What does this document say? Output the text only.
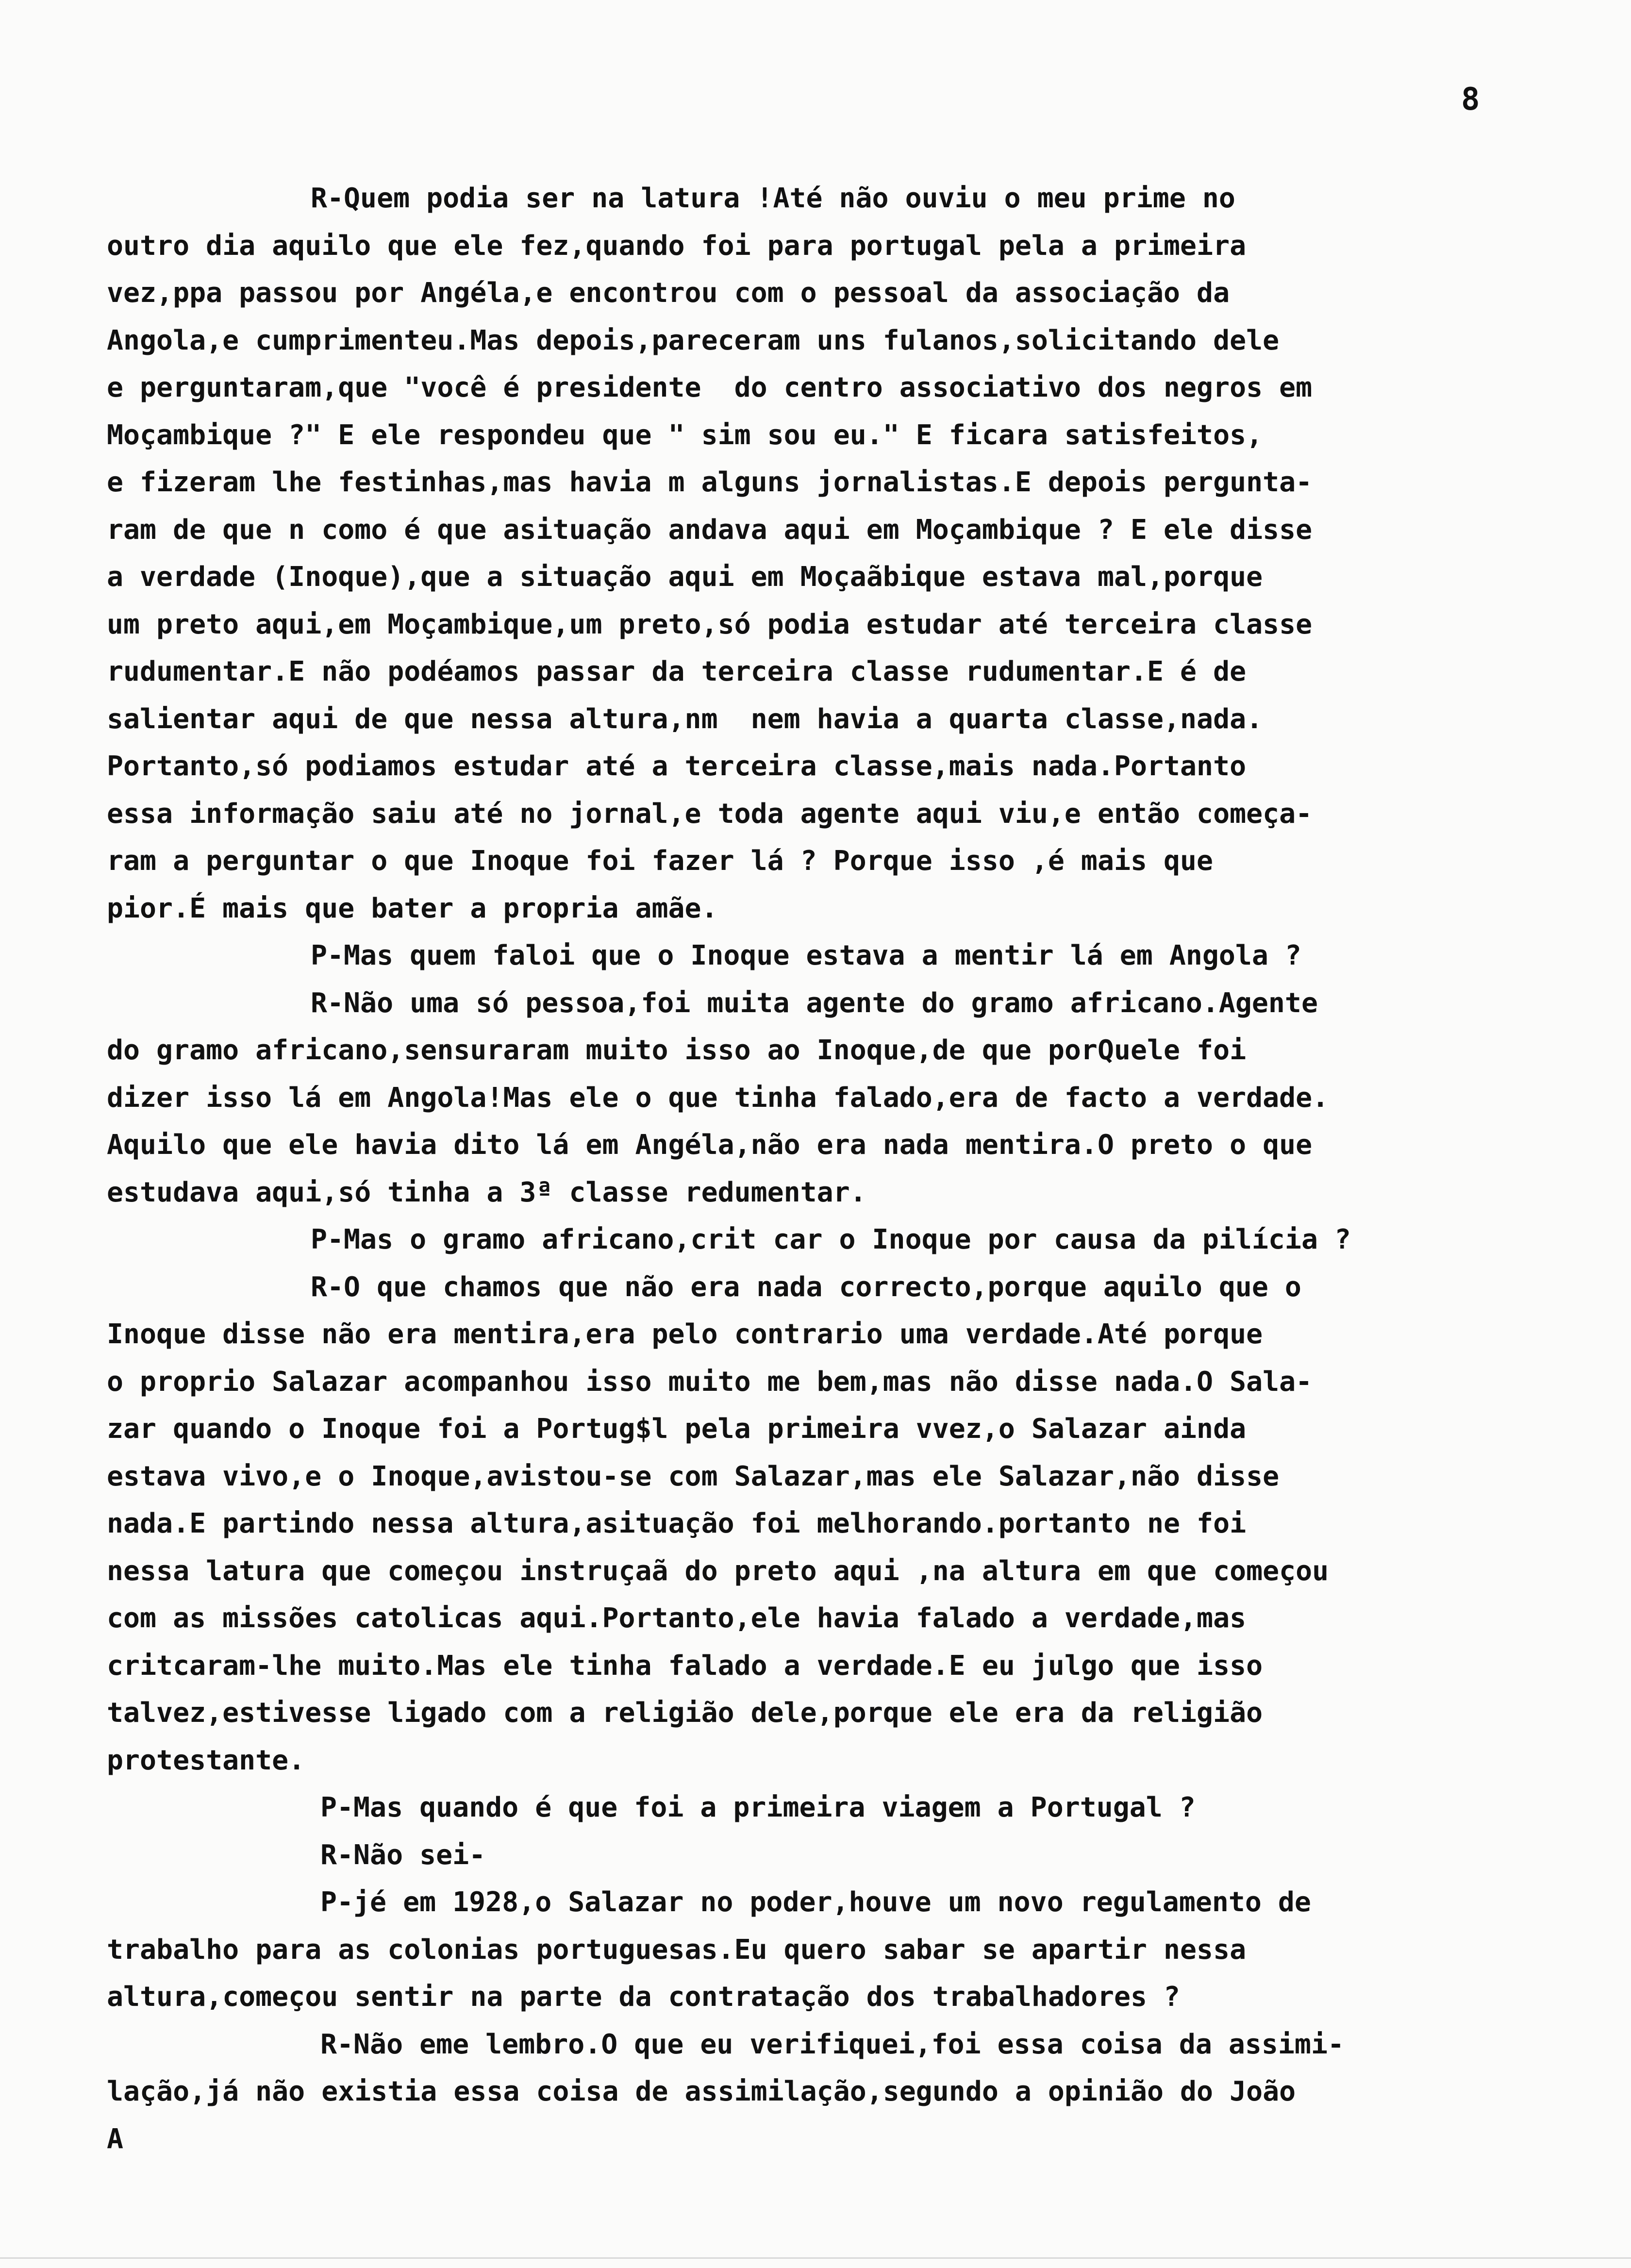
8
R-Quem podia ser na latura !Até não ouviu o meu prime no
outro dia aquilo que ele fez,quando foi para portugal pela a primeira
vez,ppa passou por Angéla,e encontrou com o pessoal da associação da
Angola,e cumprimenteu.Mas depois,pareceram uns fulanos,solicitando dele
e perguntaram,que "você é presidente  do centro associativo dos negros em
Moçambique ?" E ele respondeu que " sim sou eu." E ficara satisfeitos,
e fizeram lhe festinhas,mas havia m alguns jornalistas.E depois pergunta-
ram de que n como é que asituação andava aqui em Moçambique ? E ele disse
a verdade (Inoque),que a situação aqui em Moçaãbique estava mal,porque
um preto aqui,em Moçambique,um preto,só podia estudar até terceira classe
rudumentar.E não podéamos passar da terceira classe rudumentar.E é de
salientar aqui de que nessa altura,nm  nem havia a quarta classe,nada.
Portanto,só podiamos estudar até a terceira classe,mais nada.Portanto
essa informação saiu até no jornal,e toda agente aqui viu,e então começa-
ram a perguntar o que Inoque foi fazer lá ? Porque isso ,é mais que
pior.É mais que bater a propria amãe.
P-Mas quem faloi que o Inoque estava a mentir lá em Angola ?
R-Não uma só pessoa,foi muita agente do gramo africano.Agente
do gramo africano,sensuraram muito isso ao Inoque,de que porQuele foi
dizer isso lá em Angola!Mas ele o que tinha falado,era de facto a verdade.
Aquilo que ele havia dito lá em Angéla,não era nada mentira.O preto o que
estudava aqui,só tinha a 3ª classe redumentar.
P-Mas o gramo africano,crit car o Inoque por causa da pilícia ?
R-O que chamos que não era nada correcto,porque aquilo que o
Inoque disse não era mentira,era pelo contrario uma verdade.Até porque
o proprio Salazar acompanhou isso muito me bem,mas não disse nada.O Sala-
zar quando o Inoque foi a Portug$l pela primeira vvez,o Salazar ainda
estava vivo,e o Inoque,avistou-se com Salazar,mas ele Salazar,não disse
nada.E partindo nessa altura,asituação foi melhorando.portanto ne foi
nessa latura que começou instruçaã do preto aqui ,na altura em que começou
com as missões catolicas aqui.Portanto,ele havia falado a verdade,mas
critcaram-lhe muito.Mas ele tinha falado a verdade.E eu julgo que isso
talvez,estivesse ligado com a religião dele,porque ele era da religião
protestante.
P-Mas quando é que foi a primeira viagem a Portugal ?
R-Não sei-
P-jé em 1928,o Salazar no poder,houve um novo regulamento de
trabalho para as colonias portuguesas.Eu quero sabar se apartir nessa
altura,começou sentir na parte da contratação dos trabalhadores ?
R-Não eme lembro.O que eu verifiquei,foi essa coisa da assimi-
lação,já não existia essa coisa de assimilação,segundo a opinião do João
A
